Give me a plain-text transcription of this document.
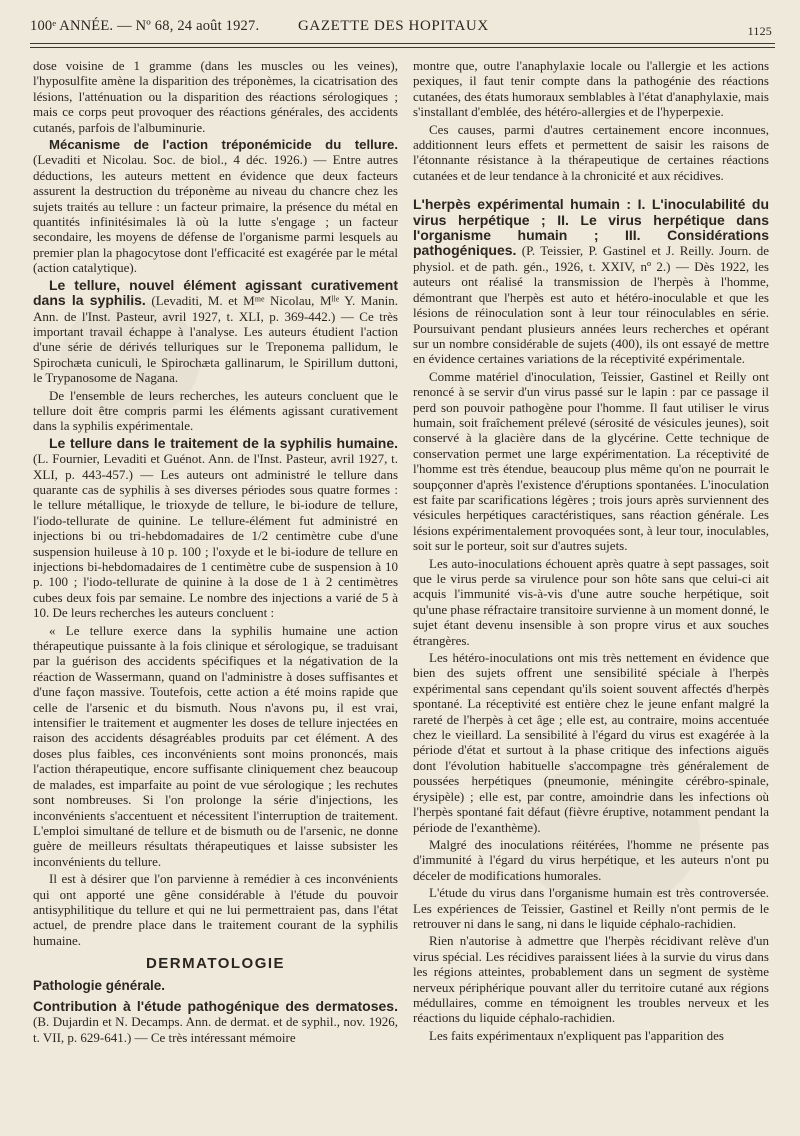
100ᵉ ANNÉE. — Nº 68, 24 août 1927.	GAZETTE DES HOPITAUX	1125

dose voisine de 1 gramme (dans les muscles ou les veines), l'hyposulfite amène la disparition des tréponèmes, la cicatrisation des lésions, l'atténuation ou la disparition des réactions sérologiques ; mais ce corps peut provoquer des réactions générales, des accidents cutanés, parfois de l'albuminurie.

Mécanisme de l'action tréponémicide du tellure. (Levaditi et Nicolau. Soc. de biol., 4 déc. 1926.) — Entre autres déductions, les auteurs mettent en évidence que deux facteurs assurent la destruction du tréponème au niveau du chancre chez les sujets traités au tellure : un facteur primaire, la présence du métal en quantités infinitésimales là où la lutte s'engage ; un facteur secondaire, les moyens de défense de l'organisme parmi lesquels au premier plan la phagocytose dont l'efficacité est exagérée par le métal (action catalytique).

Le tellure, nouvel élément agissant curativement dans la syphilis. (Levaditi, M. et Mᵐᵉ Nicolau, Mˡˡᵉ Y. Manin. Ann. de l'Inst. Pasteur, avril 1927, t. XLI, p. 369-442.) — Ce très important travail échappe à l'analyse. Les auteurs étudient l'action d'une série de dérivés telluriques sur le Treponema pallidum, le Spirochæta cuniculi, le Spirochæta gallinarum, le Spirillum duttoni, le Trypanosome de Nagana.

De l'ensemble de leurs recherches, les auteurs concluent que le tellure doit être compris parmi les éléments agissant curativement dans la syphilis expérimentale.

Le tellure dans le traitement de la syphilis humaine. (L. Fournier, Levaditi et Guénot. Ann. de l'Inst. Pasteur, avril 1927, t. XLI, p. 443-457.) — Les auteurs ont administré le tellure dans quarante cas de syphilis à ses diverses périodes sous quatre formes : le tellure métallique, le trioxyde de tellure, le bi-iodure de tellure, l'iodo-tellurate de quinine. Le tellure-élément fut administré en injections bi ou tri-hebdomadaires de 1/2 centimètre cube d'une suspension huileuse à 10 p. 100 ; l'oxyde et le bi-iodure de tellure en injections bi-hebdomadaires de 1 centimètre cube de suspension à 10 p. 100 ; l'iodo-tellurate de quinine à la dose de 1 à 2 centimètres cubes deux fois par semaine. Le nombre des injections a varié de 5 à 10. De leurs recherches les auteurs concluent :

« Le tellure exerce dans la syphilis humaine une action thérapeutique puissante à la fois clinique et sérologique, se traduisant par la guérison des accidents spécifiques et la négativation de la réaction de Wassermann, quand on l'administre à doses suffisantes et d'une façon massive. Toutefois, cette action a été moins rapide que celle de l'arsenic et du bismuth. Nous n'avons pu, il est vrai, intensifier le traitement et augmenter les doses de tellure injectées en raison des accidents désagréables produits par cet élément. A des doses plus faibles, ces inconvénients sont moins prononcés, mais l'action thérapeutique, encore suffisante cliniquement chez beaucoup de malades, est imparfaite au point de vue sérologique ; les rechutes sont nombreuses. Si l'on prolonge la série d'injections, les inconvénients s'accentuent et nécessitent l'interruption de traitement. L'emploi simultané de tellure et de bismuth ou de l'arsenic, ne donne guère de meilleurs résultats thérapeutiques et laisse subsister les inconvénients du tellure.

Il est à désirer que l'on parvienne à remédier à ces inconvénients qui ont apporté une gêne considérable à l'étude du pouvoir antisyphilitique du tellure et qui ne lui permettraient pas, dans l'état actuel, de prendre place dans le traitement courant de la syphilis humaine.

DERMATOLOGIE
Pathologie générale.

Contribution à l'étude pathogénique des dermatoses. (B. Dujardin et N. Decamps. Ann. de dermat. et de syphil., nov. 1926, t. VII, p. 629-641.) — Ce très intéressant mémoire

montre que, outre l'anaphylaxie locale ou l'allergie et les actions pexiques, il faut tenir compte dans la pathogénie des réactions cutanées, des états humoraux semblables à l'état d'anaphylaxie, mais s'installant d'emblée, des hétéro-allergies et de l'hyperpexie.

Ces causes, parmi d'autres certainement encore inconnues, additionnent leurs effets et permettent de saisir les raisons de l'étonnante résistance à la thérapeutique de certaines réactions cutanées et de leur tendance à la chronicité et aux récidives.

L'herpès expérimental humain : I. L'inoculabilité du virus herpétique ; II. Le virus herpétique dans l'organisme humain ; III. Considérations pathogéniques. (P. Teissier, P. Gastinel et J. Reilly. Journ. de physiol. et de path. gén., 1926, t. XXIV, nº 2.) — Dès 1922, les auteurs ont réalisé la transmission de l'herpès à l'homme, démontrant que l'herpès est auto et hétéro-inoculable et que les lésions de réinoculation sont à leur tour réinoculables en série. Poursuivant pendant plusieurs années leurs recherches et opérant sur un nombre considérable de sujets (400), ils ont essayé de mettre en évidence certaines variations de la réceptivité expérimentale.

Comme matériel d'inoculation, Teissier, Gastinel et Reilly ont renoncé à se servir d'un virus passé sur le lapin : par ce passage il perd son pouvoir pathogène pour l'homme. Il faut utiliser le virus humain, soit fraîchement prélevé (sérosité de vésicules jeunes), soit conservé à la glacière dans de la glycérine. Cette technique de conservation permet une large expérimentation. La réceptivité de l'homme est très étendue, beaucoup plus même qu'on ne pourrait le soupçonner d'après l'existence d'éruptions spontanées. L'inoculation est faite par scarifications légères ; trois jours après surviennent des vésicules herpétiques caractéristiques, sans réaction générale. Les lésions expérimentalement provoquées sont, à leur tour, inoculables, soit sur le porteur, soit sur d'autres sujets.

Les auto-inoculations échouent après quatre à sept passages, soit que le virus perde sa virulence pour son hôte sans que celui-ci ait acquis l'immunité vis-à-vis d'une autre souche herpétique, soit qu'une phase réfractaire transitoire survienne à un moment donné, le sujet étant devenu insensible à son propre virus et aux souches étrangères.

Les hétéro-inoculations ont mis très nettement en évidence que bien des sujets offrent une sensibilité spéciale à l'herpès expérimental sans cependant qu'ils soient souvent affectés d'herpès spontané. La réceptivité est entière chez le jeune enfant malgré la rareté de l'herpès à cet âge ; elle est, au contraire, moins accentuée chez le vieillard. La sensibilité à l'égard du virus est exagérée à la période d'état et surtout à la phase critique des infections aiguës dont l'évolution habituelle s'accompagne très généralement de poussées herpétiques (pneumonie, méningite cérébro-spinale, érysipèle) ; elle est, par contre, amoindrie dans les infections où l'herpès spontané fait défaut (fièvre éruptive, notamment pendant la période de l'exanthème).

Malgré des inoculations réitérées, l'homme ne présente pas d'immunité à l'égard du virus herpétique, et les auteurs n'ont pu déceler de modifications humorales.

L'étude du virus dans l'organisme humain est très controversée. Les expériences de Teissier, Gastinel et Reilly n'ont permis de le retrouver ni dans le sang, ni dans le liquide céphalo-rachidien.

Rien n'autorise à admettre que l'herpès récidivant relève d'un virus spécial. Les récidives paraissent liées à la survie du virus dans les régions atteintes, probablement dans un segment de système nerveux périphérique pouvant aller du territoire cutané aux régions médullaires, comme en témoignent les troubles nerveux et les réactions du liquide céphalo-rachidien.

Les faits expérimentaux n'expliquent pas l'apparition des
